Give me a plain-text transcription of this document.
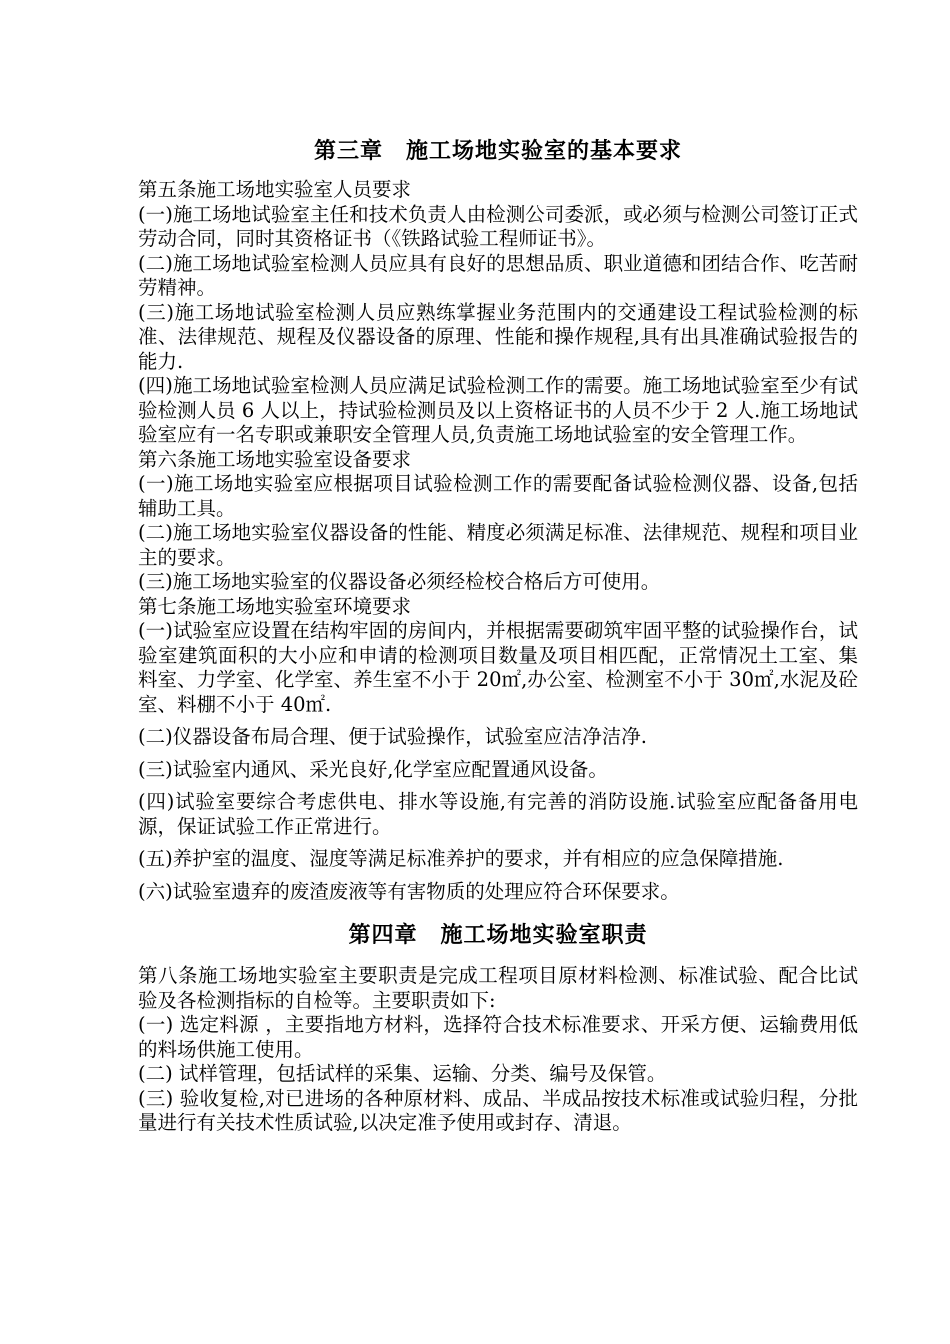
第三章　施工场地实验室的基本要求

第五条施工场地实验室人员要求

(一)施工场地试验室主任和技术负责人由检测公司委派，或必须与检测公司签订正式劳动合同，同时其资格证书（《铁路试验工程师证书》。

(二)施工场地试验室检测人员应具有良好的思想品质、职业道德和团结合作、吃苦耐劳精神。

(三)施工场地试验室检测人员应熟练掌握业务范围内的交通建设工程试验检测的标准、法律规范、规程及仪器设备的原理、性能和操作规程,具有出具准确试验报告的能力.

(四)施工场地试验室检测人员应满足试验检测工作的需要。施工场地试验室至少有试验检测人员 6 人以上，持试验检测员及以上资格证书的人员不少于 2 人.施工场地试验室应有一名专职或兼职安全管理人员,负责施工场地试验室的安全管理工作。

第六条施工场地实验室设备要求

(一)施工场地实验室应根据项目试验检测工作的需要配备试验检测仪器、设备,包括辅助工具。

(二)施工场地实验室仪器设备的性能、精度必须满足标准、法律规范、规程和项目业主的要求。

(三)施工场地实验室的仪器设备必须经检校合格后方可使用。

第七条施工场地实验室环境要求

(一)试验室应设置在结构牢固的房间内，并根据需要砌筑牢固平整的试验操作台，试验室建筑面积的大小应和申请的检测项目数量及项目相匹配，正常情况土工室、集料室、力学室、化学室、养生室不小于 20㎡,办公室、检测室不小于 30㎡,水泥及砼室、料棚不小于 40㎡.

(二)仪器设备布局合理、便于试验操作，试验室应洁净洁净.

(三)试验室内通风、采光良好,化学室应配置通风设备。

(四)试验室要综合考虑供电、排水等设施,有完善的消防设施.试验室应配备备用电源，保证试验工作正常进行。

(五)养护室的温度、湿度等满足标准养护的要求，并有相应的应急保障措施.

(六)试验室遗弃的废渣废液等有害物质的处理应符合环保要求。

第四章　施工场地实验室职责

第八条施工场地实验室主要职责是完成工程项目原材料检测、标准试验、配合比试验及各检测指标的自检等。主要职责如下:

(一) 选定料源 ，主要指地方材料，选择符合技术标准要求、开采方便、运输费用低的料场供施工使用。

(二) 试样管理，包括试样的采集、运输、分类、编号及保管。

(三) 验收复检,对已进场的各种原材料、成品、半成品按技术标准或试验归程，分批量进行有关技术性质试验,以决定准予使用或封存、清退。
